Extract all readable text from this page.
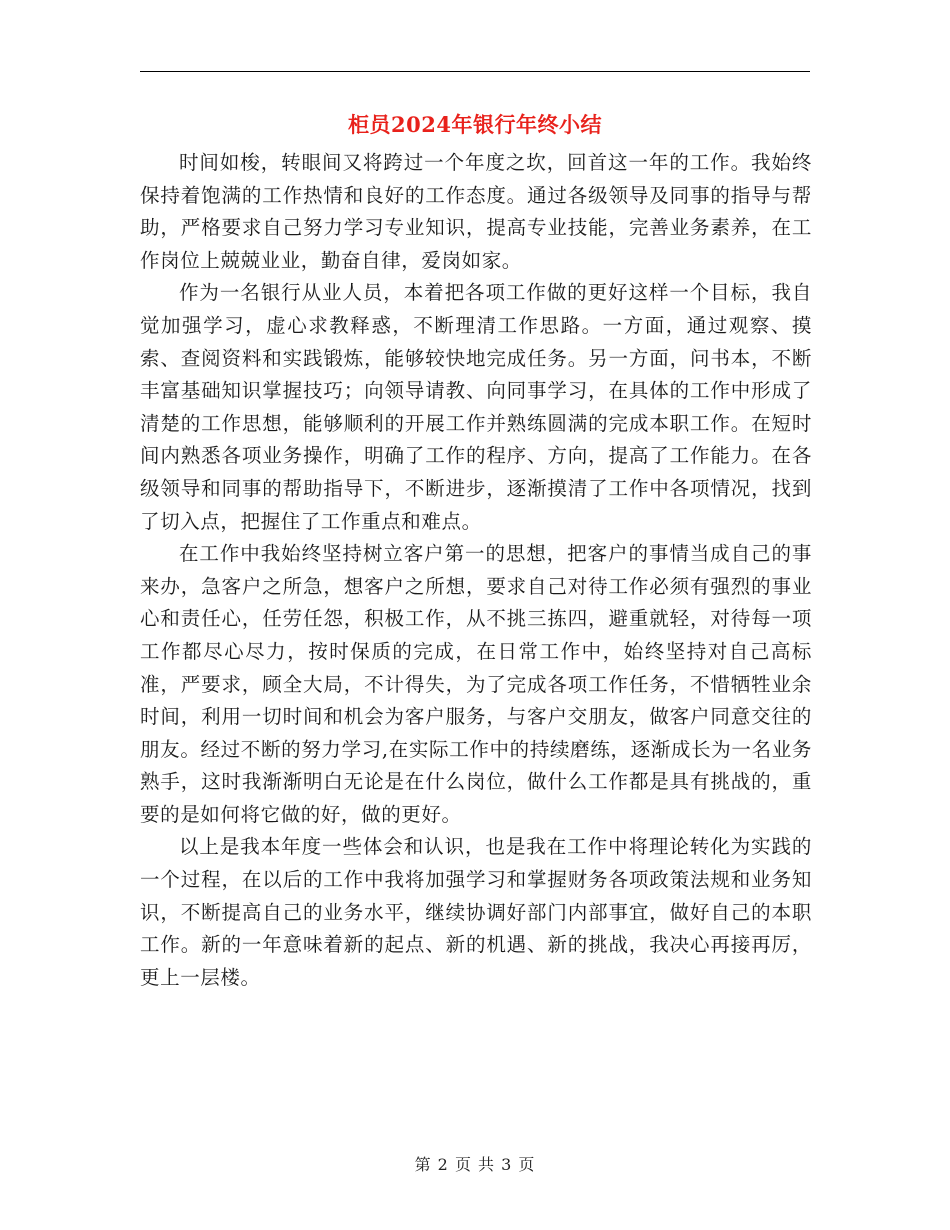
柜员2024年银行年终小结

时间如梭，转眼间又将跨过一个年度之坎，回首这一年的工作。我始终保持着饱满的工作热情和良好的工作态度。通过各级领导及同事的指导与帮助，严格要求自己努力学习专业知识，提高专业技能，完善业务素养，在工作岗位上兢兢业业，勤奋自律，爱岗如家。

作为一名银行从业人员，本着把各项工作做的更好这样一个目标，我自觉加强学习，虚心求教释惑，不断理清工作思路。一方面，通过观察、摸索、查阅资料和实践锻炼，能够较快地完成任务。另一方面，问书本，不断丰富基础知识掌握技巧；向领导请教、向同事学习，在具体的工作中形成了清楚的工作思想，能够顺利的开展工作并熟练圆满的完成本职工作。在短时间内熟悉各项业务操作，明确了工作的程序、方向，提高了工作能力。在各级领导和同事的帮助指导下，不断进步，逐渐摸清了工作中各项情况，找到了切入点，把握住了工作重点和难点。

在工作中我始终坚持树立客户第一的思想，把客户的事情当成自己的事来办，急客户之所急，想客户之所想，要求自己对待工作必须有强烈的事业心和责任心，任劳任怨，积极工作，从不挑三拣四，避重就轻，对待每一项工作都尽心尽力，按时保质的完成，在日常工作中，始终坚持对自己高标准，严要求，顾全大局，不计得失，为了完成各项工作任务，不惜牺牲业余时间，利用一切时间和机会为客户服务，与客户交朋友，做客户同意交往的朋友。经过不断的努力学习,在实际工作中的持续磨练，逐渐成长为一名业务熟手，这时我渐渐明白无论是在什么岗位，做什么工作都是具有挑战的，重要的是如何将它做的好，做的更好。

以上是我本年度一些体会和认识，也是我在工作中将理论转化为实践的一个过程，在以后的工作中我将加强学习和掌握财务各项政策法规和业务知识，不断提高自己的业务水平，继续协调好部门内部事宜，做好自己的本职工作。新的一年意味着新的起点、新的机遇、新的挑战，我决心再接再厉，更上一层楼。

第 2 页 共 3 页
